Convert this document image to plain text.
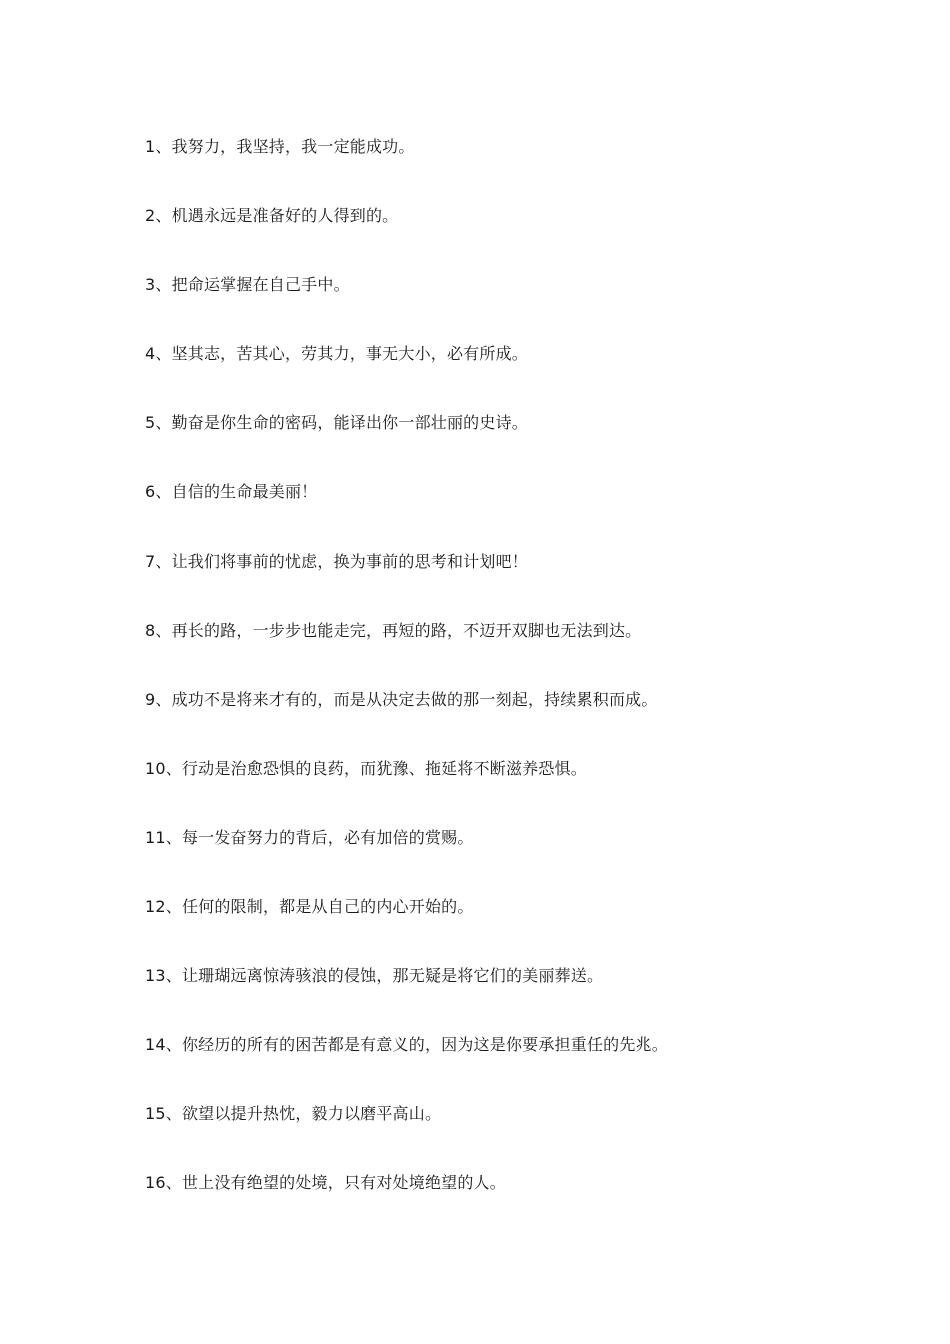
1、我努力，我坚持，我一定能成功。
2、机遇永远是准备好的人得到的。
3、把命运掌握在自己手中。
4、坚其志，苦其心，劳其力，事无大小，必有所成。
5、勤奋是你生命的密码，能译出你一部壮丽的史诗。
6、自信的生命最美丽！
7、让我们将事前的忧虑，换为事前的思考和计划吧！
8、再长的路，一步步也能走完，再短的路，不迈开双脚也无法到达。
9、成功不是将来才有的，而是从决定去做的那一刻起，持续累积而成。
10、行动是治愈恐惧的良药，而犹豫、拖延将不断滋养恐惧。
11、每一发奋努力的背后，必有加倍的赏赐。
12、任何的限制，都是从自己的内心开始的。
13、让珊瑚远离惊涛骇浪的侵蚀，那无疑是将它们的美丽葬送。
14、你经历的所有的困苦都是有意义的，因为这是你要承担重任的先兆。
15、欲望以提升热忱，毅力以磨平高山。
16、世上没有绝望的处境，只有对处境绝望的人。
